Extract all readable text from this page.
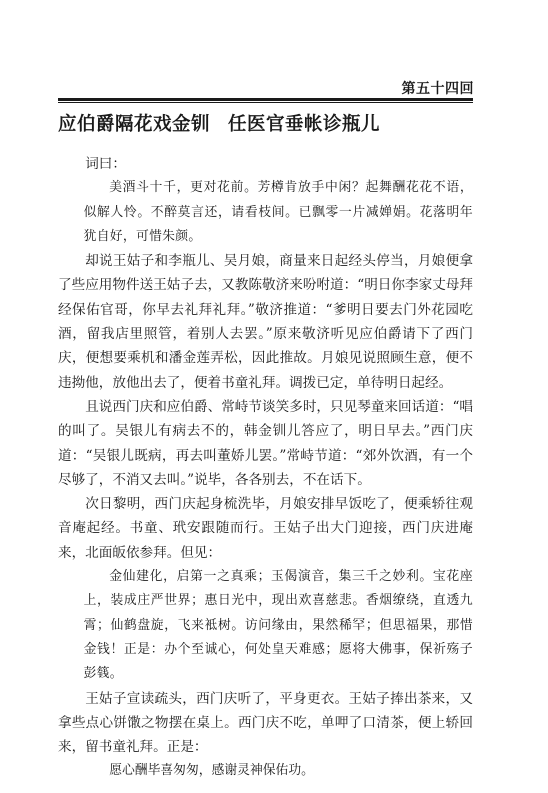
第五十四回
应伯爵隔花戏金钏 任医官垂帐诊瓶儿

词曰：

美酒斗十千，更对花前。芳樽肯放手中闲？起舞酬花花不语，似解人怜。不醉莫言还，请看枝间。已飘零一片减婵娟。花落明年犹自好，可惜朱颜。

却说王姑子和李瓶儿、吴月娘，商量来日起经头停当，月娘便拿了些应用物件送王姑子去，又教陈敬济来吩咐道：“明日你李家丈母拜经保佑官哥，你早去礼拜礼拜。”敬济推道：“爹明日要去门外花园吃酒，留我店里照管，着别人去罢。”原来敬济听见应伯爵请下了西门庆，便想要乘机和潘金莲弄松，因此推故。月娘见说照顾生意，便不违拗他，放他出去了，便着书童礼拜。调拨已定，单待明日起经。

且说西门庆和应伯爵、常峙节谈笑多时，只见琴童来回话道：“唱的叫了。吴银儿有病去不的，韩金钏儿答应了，明日早去。”西门庆道：“吴银儿既病，再去叫董娇儿罢。”常峙节道：“郊外饮酒，有一个尽够了，不消又去叫。”说毕，各各别去，不在话下。

次日黎明，西门庆起身梳洗毕，月娘安排早饭吃了，便乘轿往观音庵起经。书童、玳安跟随而行。王姑子出大门迎接，西门庆进庵来，北面皈依参拜。但见：

金仙建化，启第一之真乘；玉偈演音，集三千之妙利。宝花座上，装成庄严世界；惠日光中，现出欢喜慈悲。香烟缭绕，直透九霄；仙鹤盘旋，飞来袛树。访问缘由，果然稀罕；但思福果，那惜金钱！正是：办个至诚心，何处皇天难感；愿将大佛事，保祈殇子彭篯。

王姑子宣读疏头，西门庆听了，平身更衣。王姑子捧出茶来，又拿些点心饼馓之物摆在桌上。西门庆不吃，单呷了口清茶，便上轿回来，留书童礼拜。正是：

愿心酬毕喜匆匆，感谢灵神保佑功。
